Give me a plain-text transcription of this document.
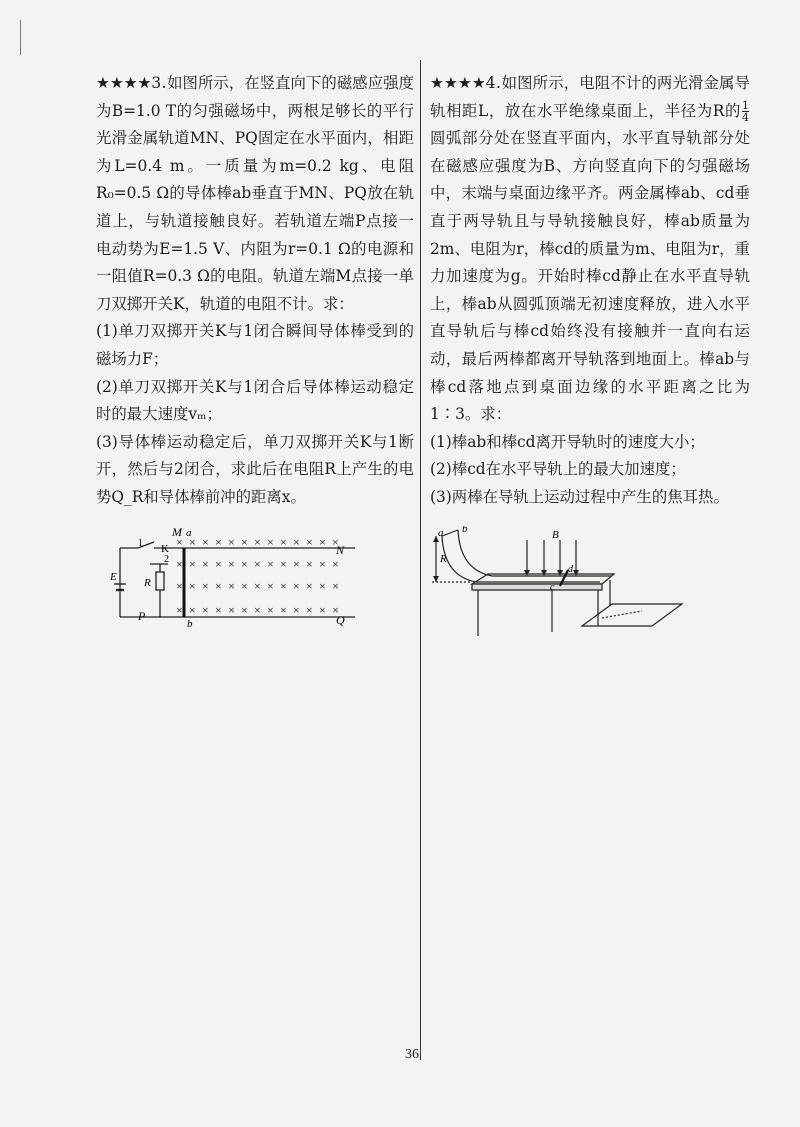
★★★★3.如图所示，在竖直向下的磁感应强度为B=1.0 T的匀强磁场中，两根足够长的平行光滑金属轨道MN、PQ固定在水平面内，相距为L=0.4 m。一质量为m=0.2 kg、电阻R₀=0.5 Ω的导体棒ab垂直于MN、PQ放在轨道上，与轨道接触良好。若轨道左端P点接一电动势为E=1.5 V、内阻为r=0.1 Ω的电源和一阻值R=0.3 Ω的电阻。轨道左端M点接一单刀双掷开关K，轨道的电阻不计。求：

(1)单刀双掷开关K与1闭合瞬间导体棒受到的磁场力F；

(2)单刀双掷开关K与1闭合后导体棒运动稳定时的最大速度vₘ；

(3)导体棒运动稳定后，单刀双掷开关K与1断开，然后与2闭合，求此后在电阻R上产生的电势Q_R和导体棒前冲的距离x。

M a
N
K
1
2
R
E
P
b	Q
× × × × × × × × × × × × ×
× × × × × × × × × × × × ×
× × × × × × × × × × × × ×
× × × × × × × × × × × × ×

★★★★4.如图所示，电阻不计的两光滑金属导轨相距L，放在水平绝缘桌面上，半径为R的 $\frac{1}{4}$
圆弧部分处在竖直平面内，水平直导轨部分处在磁感应强度为B、方向竖直向下的匀强磁场中，末端与桌面边缘平齐。两金属棒ab、cd垂直于两导轨且与导轨接触良好，棒ab质量为2m、电阻为r，棒cd的质量为m、电阻为r，重力加速度为g。开始时棒cd静止在水平直导轨上，棒ab从圆弧顶端无初速度释放，进入水平直导轨后与棒cd始终没有接触并一直向右运动，最后两棒都离开导轨落到地面上。棒ab与棒cd落地点到桌面边缘的水平距离之比为1∶3。求：

(1)棒ab和棒cd离开导轨时的速度大小；

(2)棒cd在水平导轨上的最大加速度；

(3)两棒在导轨上运动过程中产生的焦耳热。

a b
R
B
c
d
36
